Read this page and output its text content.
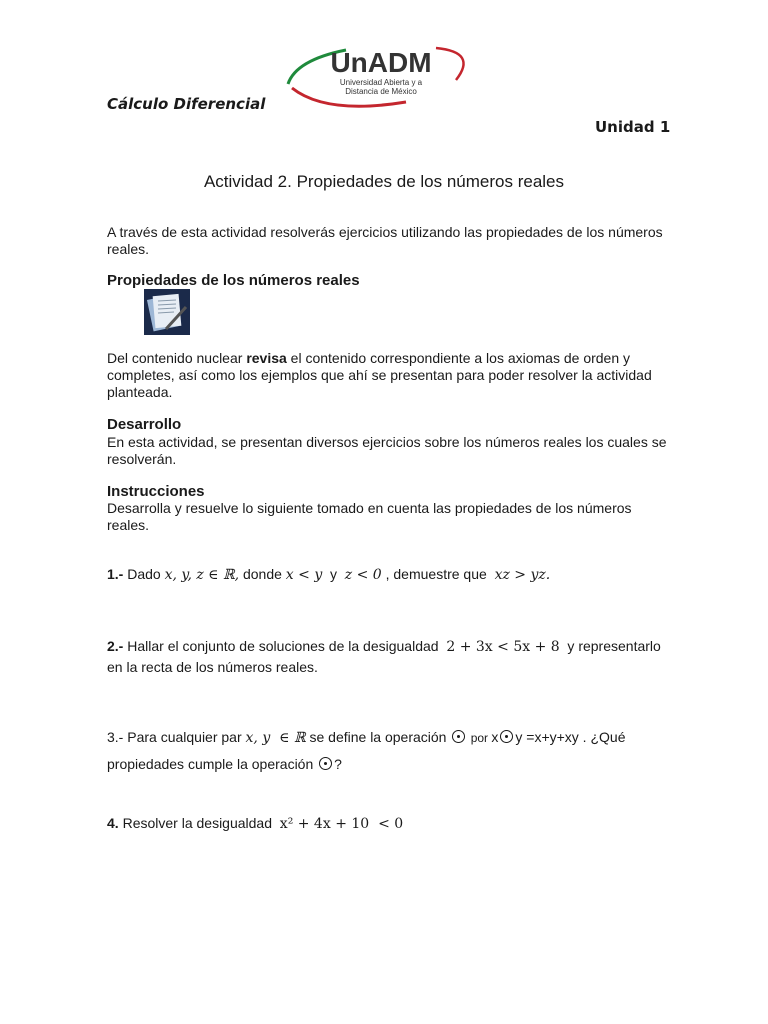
UnADM
Universidad Abierta y a
Distancia de México
Cálculo Diferencial
Unidad 1
Actividad 2. Propiedades de los números reales
A través de esta actividad resolverás ejercicios utilizando las propiedades de los números reales.
Propiedades de los números reales
Del contenido nuclear revisa el contenido correspondiente a los axiomas de orden y completes, así como los ejemplos que ahí se presentan para poder resolver la actividad planteada.
Desarrollo
En esta actividad, se presentan diversos ejercicios sobre los números reales los cuales se resolverán.
Instrucciones
Desarrolla y resuelve lo siguiente tomado en cuenta las propiedades de los números reales.
1.- Dado x, y, z ∈ ℝ, donde x < y  y  z < 0 , demuestre que  xz > yz.
2.- Hallar el conjunto de soluciones de la desigualdad  2 + 3x < 5x + 8  y representarlo en la recta de los números reales.
3.- Para cualquier par x, y  ∈ ℝ se define la operación  por x y =x+y+xy . ¿Qué propiedades cumple la operación ?
4. Resolver la desigualdad  x² + 4x + 10  < 0
